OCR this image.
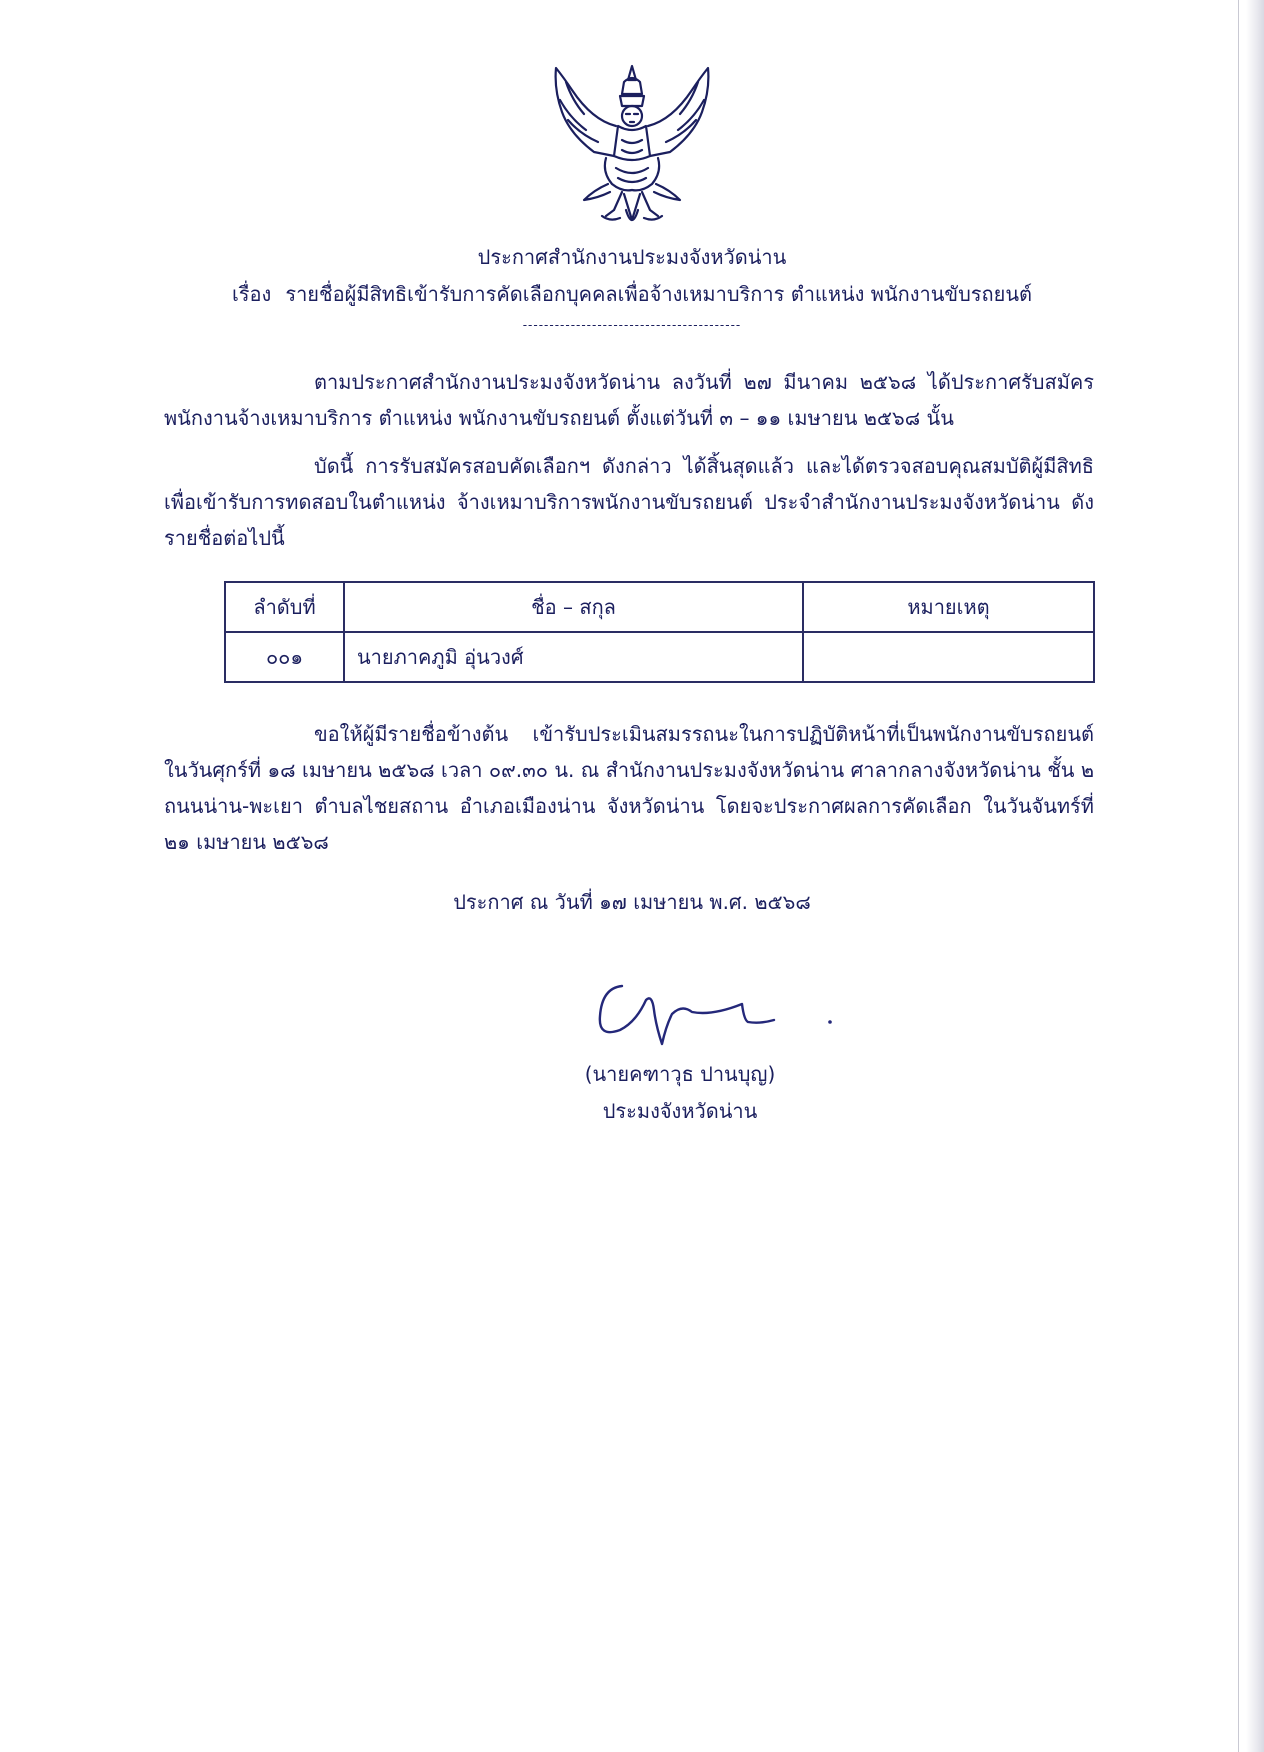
ประกาศสำนักงานประมงจังหวัดน่าน
เรื่อง รายชื่อผู้มีสิทธิเข้ารับการคัดเลือกบุคคลเพื่อจ้างเหมาบริการ ตำแหน่ง พนักงานขับรถยนต์
-----------------------------------------

ตามประกาศสำนักงานประมงจังหวัดน่าน ลงวันที่ ๒๗ มีนาคม ๒๕๖๘ ได้ประกาศรับสมัคร พนักงานจ้างเหมาบริการ ตำแหน่ง พนักงานขับรถยนต์ ตั้งแต่วันที่ ๓ – ๑๑ เมษายน ๒๕๖๘ นั้น

บัดนี้ การรับสมัครสอบคัดเลือกฯ ดังกล่าว ได้สิ้นสุดแล้ว และได้ตรวจสอบคุณสมบัติผู้มีสิทธิ เพื่อเข้ารับการทดสอบในตำแหน่ง จ้างเหมาบริการพนักงานขับรถยนต์ ประจำสำนักงานประมงจังหวัดน่าน ดังรายชื่อต่อไปนี้

ลำดับที่	ชื่อ – สกุล	หมายเหตุ
๐๐๑	นายภาคภูมิ อุ่นวงศ์	

ขอให้ผู้มีรายชื่อข้างต้น เข้ารับประเมินสมรรถนะในการปฏิบัติหน้าที่เป็นพนักงานขับรถยนต์ ในวันศุกร์ที่ ๑๘ เมษายน ๒๕๖๘ เวลา ๐๙.๓๐ น. ณ สำนักงานประมงจังหวัดน่าน ศาลากลางจังหวัดน่าน ชั้น ๒ ถนนน่าน-พะเยา ตำบลไชยสถาน อำเภอเมืองน่าน จังหวัดน่าน โดยจะประกาศผลการคัดเลือก ในวันจันทร์ที่ ๒๑ เมษายน ๒๕๖๘

ประกาศ ณ วันที่ ๑๗ เมษายน พ.ศ. ๒๕๖๘
(นายคฑาวุธ ปานบุญ)
ประมงจังหวัดน่าน
